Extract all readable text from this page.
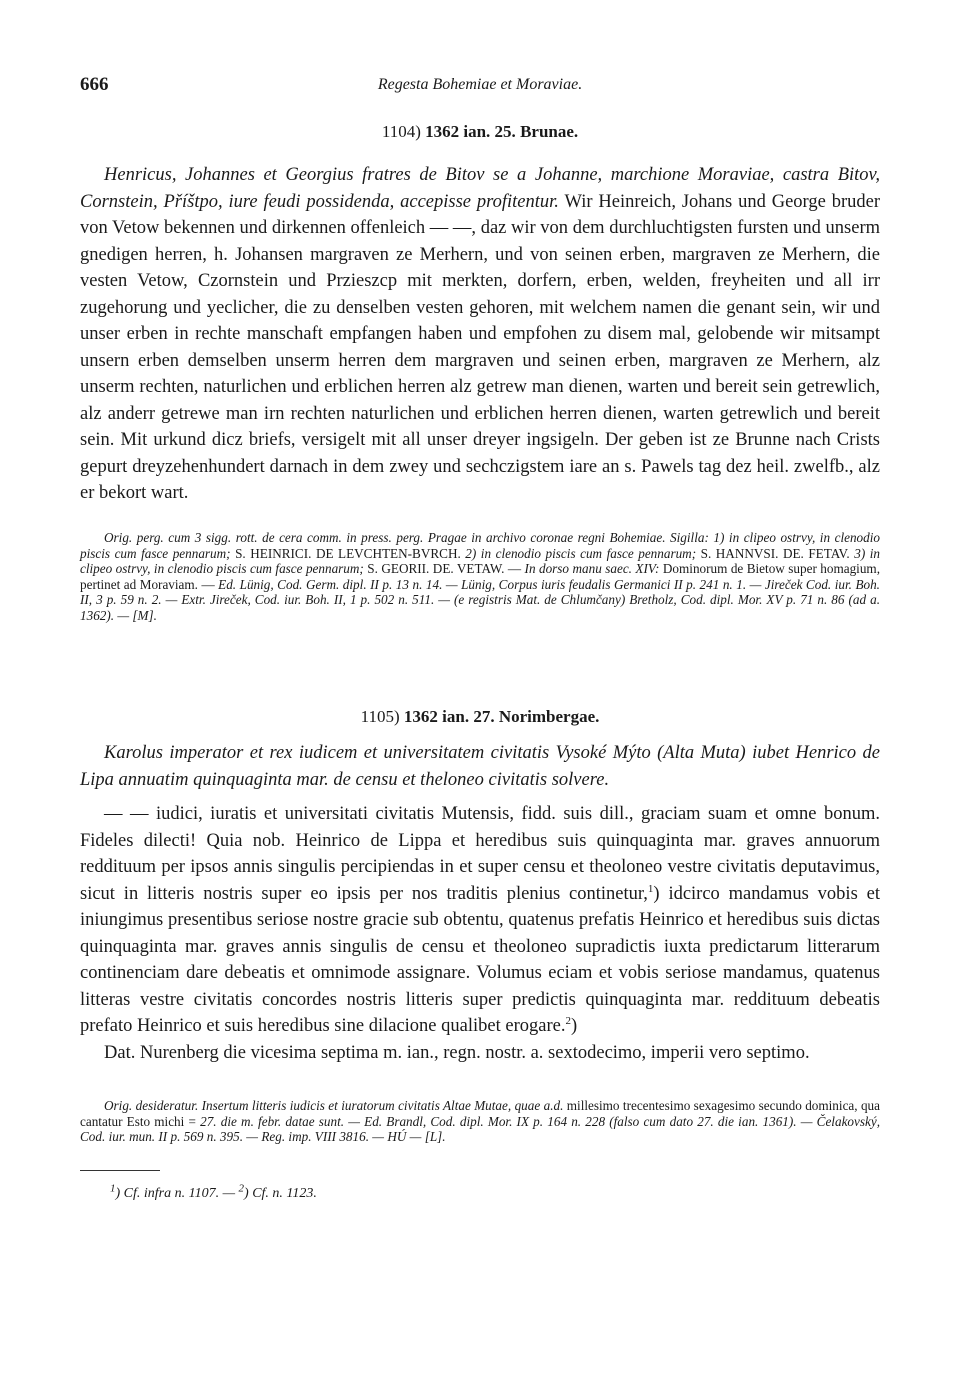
666	Regesta Bohemiae et Moraviae.
1104) 1362 ian. 25. Brunae.

Henricus, Johannes et Georgius fratres de Bitov se a Johanne, marchione Moraviae, castra Bitov, Cornstein, Příštpo, iure feudi possidenda, accepisse profitentur. Wir Heinreich, Johans und George bruder von Vetow bekennen und dirkennen offenleich — —, daz wir von dem durchluchtigsten fursten und unserm gnedigen herren, h. Johansen margraven ze Merhern, und von seinen erben, margraven ze Merhern, die vesten Vetow, Czornstein und Przieszcp mit merkten, dorfern, erben, welden, freyheiten und all irr zugehorung und yeclicher, die zu denselben vesten gehoren, mit welchem namen die genant sein, wir und unser erben in rechte manschaft empfangen haben und empfohen zu disem mal, gelobende wir mitsampt unsern erben demselben unserm herren dem margraven und seinen erben, margraven ze Merhern, alz unserm rechten, naturlichen und erblichen herren alz getrew man dienen, warten und bereit sein getrewlich, alz anderr getrewe man irn rechten naturlichen und erblichen herren dienen, warten getrewlich und bereit sein. Mit urkund dicz briefs, versigelt mit all unser dreyer ingsigeln. Der geben ist ze Brunne nach Crists gepurt dreyzehenhundert darnach in dem zwey und sechczigstem iare an s. Pawels tag dez heil. zwelfb., alz er bekort wart.

Orig. perg. cum 3 sigg. rott. de cera comm. in press. perg. Pragae in archivo coronae regni Bohemiae. Sigilla: 1) in clipeo ostrvy, in clenodio piscis cum fasce pennarum; S. HEINRICI. DE LEVCHTEN-BVRCH. 2) in clenodio piscis cum fasce pennarum; S. HANNVSI. DE. FETAV. 3) in clipeo ostrvy, in clenodio piscis cum fasce pennarum; S. GEORII. DE. VETAW. — In dorso manu saec. XIV: Dominorum de Bietow super homagium, pertinet ad Moraviam. — Ed. Lünig, Cod. Germ. dipl. II p. 13 n. 14. — Lünig, Corpus iuris feudalis Germanici II p. 241 n. 1. — Jireček Cod. iur. Boh. II, 3 p. 59 n. 2. — Extr. Jireček, Cod. iur. Boh. II, 1 p. 502 n. 511. — (e registris Mat. de Chlumčany) Bretholz, Cod. dipl. Mor. XV p. 71 n. 86 (ad a. 1362). — [M].

1105) 1362 ian. 27. Norimbergae.

Karolus imperator et rex iudicem et universitatem civitatis Vysoké Mýto (Alta Muta) iubet Henrico de Lipa annuatim quinquaginta mar. de censu et theloneo civitatis solvere.

— — iudici, iuratis et universitati civitatis Mutensis, fidd. suis dill., graciam suam et omne bonum. Fideles dilecti! Quia nob. Heinrico de Lippa et heredibus suis quinquaginta mar. graves annuorum reddituum per ipsos annis singulis percipiendas in et super censu et theoloneo vestre civitatis deputavimus, sicut in litteris nostris super eo ipsis per nos traditis plenius continetur,$^1$) idcirco mandamus vobis et iniungimus presentibus seriose nostre gracie sub obtentu, quatenus prefatis Heinrico et heredibus suis dictas quinquaginta mar. graves annis singulis de censu et theoloneo supradictis iuxta predictarum litterarum continenciam dare debeatis et omnimode assignare. Volumus eciam et vobis seriose mandamus, quatenus litteras vestre civitatis concordes nostris litteris super predictis quinquaginta mar. reddituum debeatis prefato Heinrico et suis heredibus sine dilacione qualibet erogare.$^2$)

Dat. Nurenberg die vicesima septima m. ian., regn. nostr. a. sextodecimo, imperii vero septimo.

Orig. desideratur. Insertum litteris iudicis et iuratorum civitatis Altae Mutae, quae a.d. millesimo trecentesimo sexagesimo secundo dominica, qua cantatur Esto michi = 27. die m. febr. datae sunt. — Ed. Brandl, Cod. dipl. Mor. IX p. 164 n. 228 (falso cum dato 27. die ian. 1361). — Čelakovský, Cod. iur. mun. II p. 569 n. 395. — Reg. imp. VIII 3816. — HÚ — [L].

$^1$) Cf. infra n. 1107. — $^2$) Cf. n. 1123.
